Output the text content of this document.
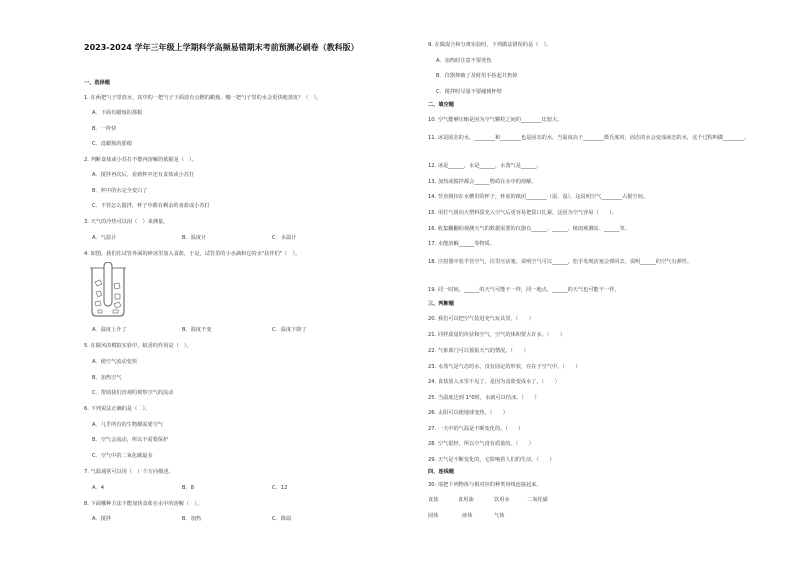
2023-2024 学年三年级上学期科学高频易错期末考前预测必刷卷（教科版）
一、选择题
1. 在两把勺子里放水，其中的一把勺子下面放有点燃的蜡烛，哪一把勺子里的水会更快地蒸发？（　）。
A．下面有蜡烛的那根
B．一样快
C．没蜡烛的那根
2. 判断食盐或小苏打不能再溶解的依据是（　）。
A．搅拌再次后，看到杯中还有食盐或小苏打
B．杯中的水完全变白了
C．不管怎么搅拌，杯子中都有剩余的食盐或小苏打
3. 天气的冷热可以用（　）来测量。
A．气温计	B．温度计	C．水温计
4. 如图，我们往试管外面的碎冰里加入食盐，于是，试管里的小水滴和它的水"扶伴们"（　）。
A．温度上升了	B．温度不变	C．温度下降了
5. 在做风的模拟实验中，蚊香的作用是（　）。
A．使空气流动变快
B．加热空气
C．帮助我们直观的观察空气的流动
6. 下列说法正确的是（　）。
A．几乎所有的生物都需要空气
B．空气会流动，所以不需要保护
C．空气中的二氧化碳最多
7. 气温通常可以用（　）个方向描述。
A．4	B．8	C．12
8. 下面哪种方法不能加快食盐在水中的溶解（　）。
A．搅拌	B．加热	C．降温
9. 在做混合和分离实验时，下列做法错误的是（　）。
A．加热时注意不要烫伤
B．仪器摔破了及时用手捡起并扔掉
C．搅拌时尽量不要碰到杯壁
二、填空题
10. 空气能够压缩是因为空气颗粒之间的________比较大。
11. 冰是固态的水，________和________也是固态的水，当温度高于________摄氏度时，固态的水会变成液态的水，这个过程叫做________。
12. 冰是______，水是______，水蒸气是______。
13. 加热或搅拌都会______物质在水中的溶解。
14. 竖直倒扣在水槽里的杯子，杯底的纸团________（湿、湿），这说明空气________占据空间。
15. 用打气筒向大塑料袋充入空气后更容易把袋口扎紧，这因为空气容易（　　）。
16. 收集翻翻的观测天气的数据需要的仪器有______、______、植雨观测站、______等。
17. 水能溶解______等物质。
18. 注射器中装半管空气，往里压活塞，说明空气可以______，松手发现活塞会弹回去，说明______的空气有弹性。
19. 同一时间，______的天气可能不一样，同一地点，______的天气也可能不一样。
三、判断题
20. 我们可以把空气装进充气玩具里。（　　）
21. 同样质量的块状和空气，空气的体积要大许多。（　　）
22. 气象部门可以预报天气的情况。（　　）
23. 水蒸气是气态的水，没有固定的形状，存在于空气中。（　　）
24. 食盐放入水里不见了，是因为食盐变成水了。（　　）
25. 当温度达到 1°0时，水就可以结冰。（　　）
26. 太阳可以使地球变热。（　　）
27. 一天中的气温是不断变化的。（　　）
28. 空气很轻，所以空气没有质量的。（　　）
29. 天气是不断变化的，它影响着人们的生活。（　　）
四、连线题
30. 请把下列物体与相对应的种类用线连接起来。
食盐	食用油	饮用水	二氧化碳
固体	液体	气体
